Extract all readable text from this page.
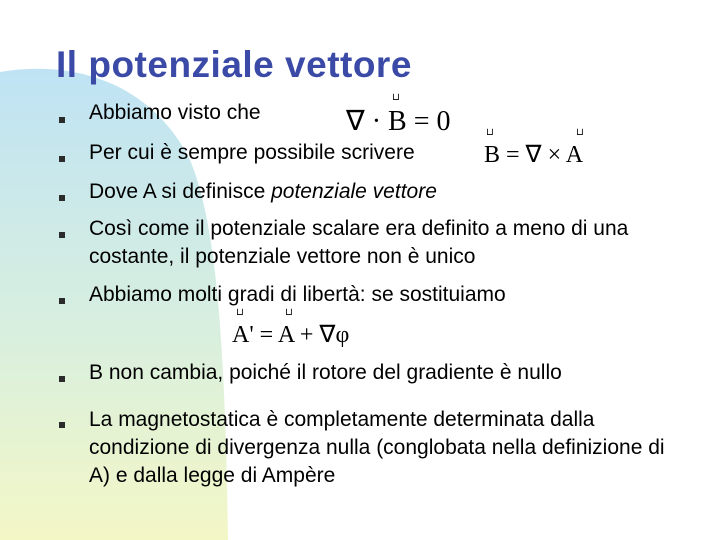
Il potenziale vettore
Abbiamo visto che
Per cui è sempre possibile scrivere
Dove A si definisce potenziale vettore
Così come il potenziale scalare era definito a meno di una costante, il potenziale vettore non è unico
Abbiamo molti gradi di libertà: se sostituiamo
B non cambia, poiché il rotore del gradiente è nullo
La magnetostatica è completamente determinata dalla condizione di divergenza nulla (conglobata nella definizione di A) e dalla legge di Ampère
∇ · B = 0
⊔
B = ∇ × A
⊔	⊔
A' = A + ∇φ
⊔	⊔
